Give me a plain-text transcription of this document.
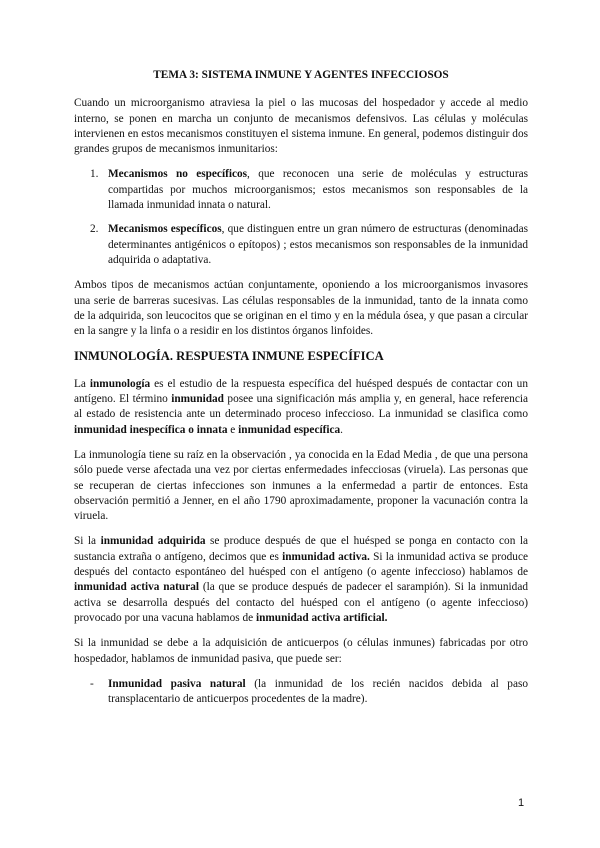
TEMA 3: SISTEMA INMUNE Y AGENTES INFECCIOSOS

Cuando un microorganismo atraviesa la piel o las mucosas del hospedador y accede al medio interno, se ponen en marcha un conjunto de mecanismos defensivos. Las células y moléculas intervienen en estos mecanismos constituyen el sistema inmune. En general, podemos distinguir dos grandes grupos de mecanismos inmunitarios:

1. Mecanismos no específicos, que reconocen una serie de moléculas y estructuras compartidas por muchos microorganismos; estos mecanismos son responsables de la llamada inmunidad innata o natural.
2. Mecanismos específicos, que distinguen entre un gran número de estructuras (denominadas determinantes antigénicos o epítopos) ; estos mecanismos son responsables de la inmunidad adquirida o adaptativa.

Ambos tipos de mecanismos actúan conjuntamente, oponiendo a los microorganismos invasores una serie de barreras sucesivas. Las células responsables de la inmunidad, tanto de la innata como de la adquirida, son leucocitos que se originan en el timo y en la médula ósea, y que pasan a circular en la sangre y la linfa o a residir en los distintos órganos linfoides.

INMUNOLOGÍA. RESPUESTA INMUNE ESPECÍFICA

La inmunología es el estudio de la respuesta específica del huésped después de contactar con un antígeno. El término inmunidad posee una significación más amplia y, en general, hace referencia al estado de resistencia ante un determinado proceso infeccioso. La inmunidad se clasifica como inmunidad inespecífica o innata e inmunidad específica.

La inmunología tiene su raíz en la observación , ya conocida en la Edad Media , de que una persona sólo puede verse afectada una vez por ciertas enfermedades infecciosas (viruela). Las personas que se recuperan de ciertas infecciones son inmunes a la enfermedad a partir de entonces. Esta observación permitió a Jenner, en el año 1790 aproximadamente, proponer la vacunación contra la viruela.

Si la inmunidad adquirida se produce después de que el huésped se ponga en contacto con la sustancia extraña o antígeno, decimos que es inmunidad activa. Si la inmunidad activa se produce después del contacto espontáneo del huésped con el antígeno (o agente infeccioso) hablamos de inmunidad activa natural (la que se produce después de padecer el sarampión). Si la inmunidad activa se desarrolla después del contacto del huésped con el antígeno (o agente infeccioso) provocado por una vacuna hablamos de inmunidad activa artificial.

Si la inmunidad se debe a la adquisición de anticuerpos (o células inmunes) fabricadas por otro hospedador, hablamos de inmunidad pasiva, que puede ser:

- Inmunidad pasiva natural (la inmunidad de los recién nacidos debida al paso transplacentario de anticuerpos procedentes de la madre).
1
